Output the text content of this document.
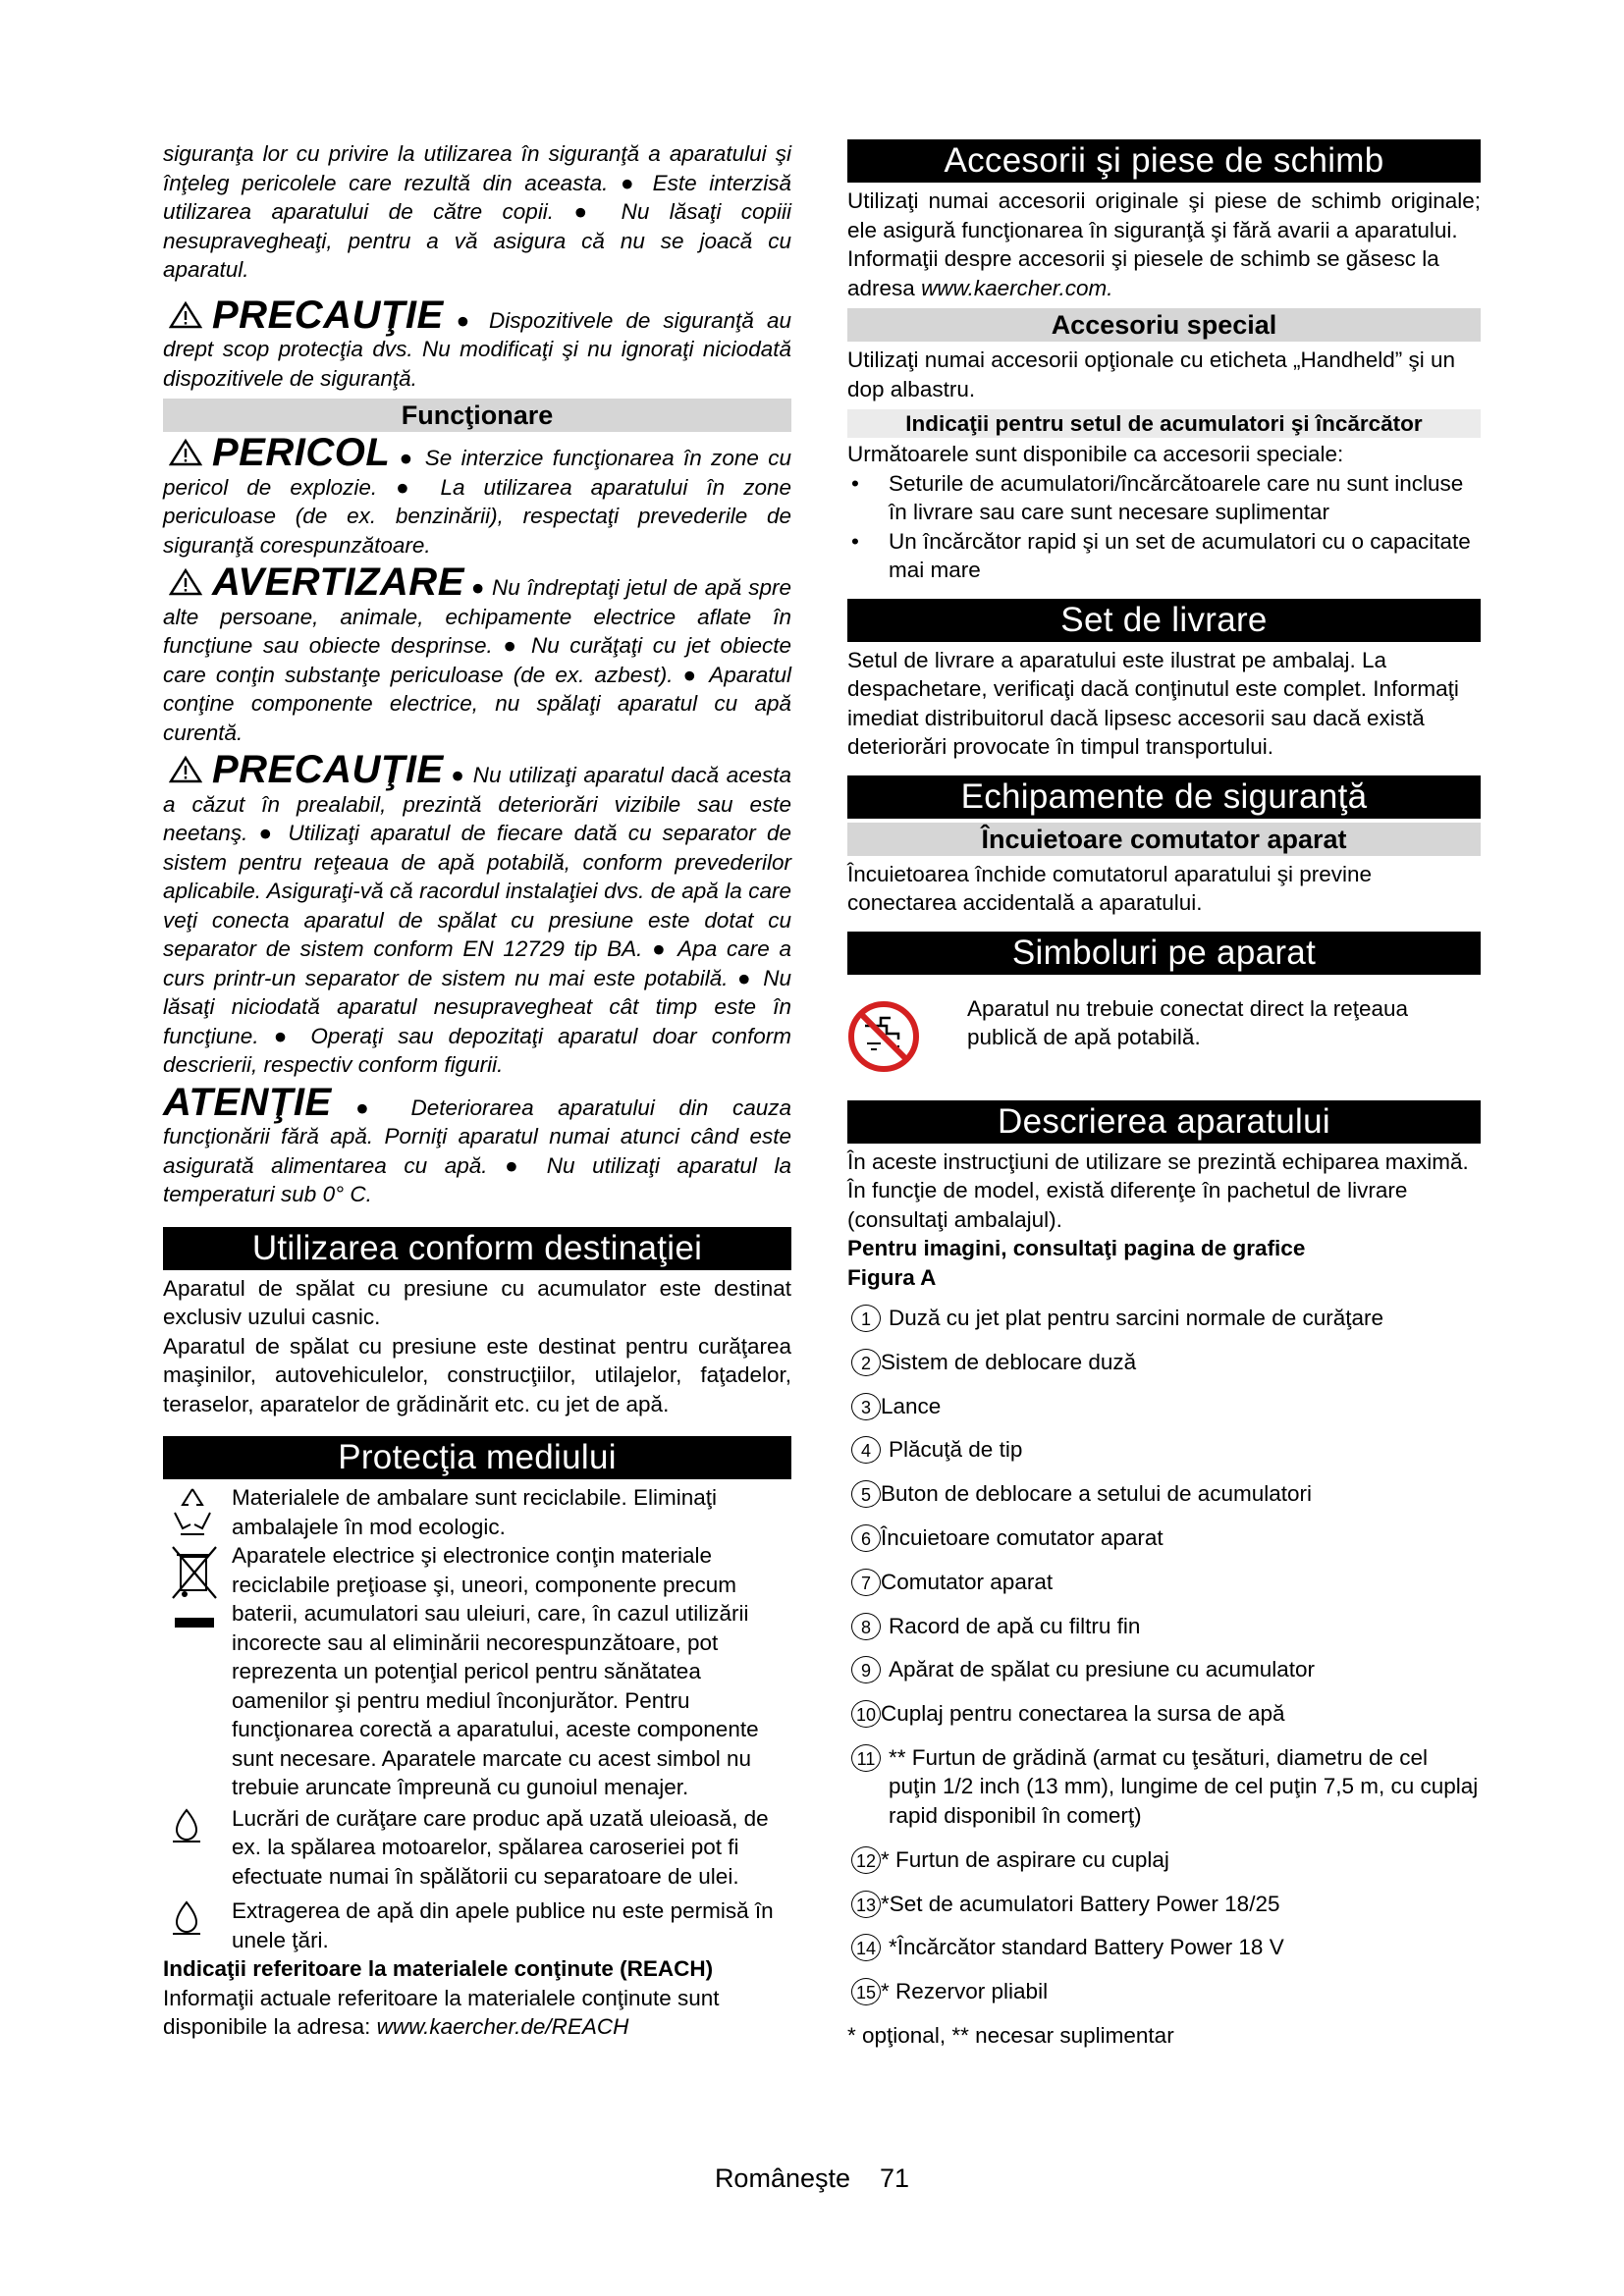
siguranţa lor cu privire la utilizarea în siguranţă a aparatului şi înţeleg pericolele care rezultă din aceasta. ● Este interzisă utilizarea aparatului de către copii. ● Nu lăsaţi copiii nesupravegheaţi, pentru a vă asigura că nu se joacă cu aparatul.

PRECAUŢIE ● Dispozitivele de siguranţă au drept scop protecţia dvs. Nu modificaţi şi nu ignoraţi niciodată dispozitivele de siguranţă.

Funcţionare

PERICOL ● Se interzice funcţionarea în zone cu pericol de explozie. ● La utilizarea aparatului în zone periculoase (de ex. benzinării), respectaţi prevederile de siguranţă corespunzătoare.

AVERTIZARE ● Nu îndreptaţi jetul de apă spre alte persoane, animale, echipamente electrice aflate în funcţiune sau obiecte desprinse. ● Nu curăţaţi cu jet obiecte care conţin substanţe periculoase (de ex. azbest). ● Aparatul conţine componente electrice, nu spălaţi aparatul cu apă curentă.

PRECAUŢIE ● Nu utilizaţi aparatul dacă acesta a căzut în prealabil, prezintă deteriorări vizibile sau este neetanş. ● Utilizaţi aparatul de fiecare dată cu separator de sistem pentru reţeaua de apă potabilă, conform prevederilor aplicabile. Asiguraţi-vă că racordul instalaţiei dvs. de apă la care veţi conecta aparatul de spălat cu presiune este dotat cu separator de sistem conform EN 12729 tip BA. ● Apa care a curs printr-un separator de sistem nu mai este potabilă. ● Nu lăsaţi niciodată aparatul nesupravegheat cât timp este în funcţiune. ● Operaţi sau depozitaţi aparatul doar conform descrierii, respectiv conform figurii.

ATENŢIE ● Deteriorarea aparatului din cauza funcţionării fără apă. Porniţi aparatul numai atunci când este asigurată alimentarea cu apă. ● Nu utilizaţi aparatul la temperaturi sub 0° C.

Utilizarea conform destinaţiei

Aparatul de spălat cu presiune cu acumulator este destinat exclusiv uzului casnic.

Aparatul de spălat cu presiune este destinat pentru curăţarea maşinilor, autovehiculelor, construcţiilor, utilajelor, faţadelor, teraselor, aparatelor de grădinărit etc. cu jet de apă.

Protecţia mediului
Materialele de ambalare sunt reciclabile. Eliminaţi ambalajele în mod ecologic.
Aparatele electrice şi electronice conţin materiale reciclabile preţioase şi, uneori, componente precum baterii, acumulatori sau uleiuri, care, în cazul utilizării incorecte sau al eliminării necorespunzătoare, pot reprezenta un potenţial pericol pentru sănătatea oamenilor şi pentru mediul înconjurător. Pentru funcţionarea corectă a aparatului, aceste componente sunt necesare. Aparatele marcate cu acest simbol nu trebuie aruncate împreună cu gunoiul menajer.
Lucrări de curăţare care produc apă uzată uleioasă, de ex. la spălarea motoarelor, spălarea caroseriei pot fi efectuate numai în spălătorii cu separatoare de ulei.
Extragerea de apă din apele publice nu este permisă în unele ţări.

Indicaţii referitoare la materialele conţinute (REACH)

Informaţii actuale referitoare la materialele conţinute sunt disponibile la adresa: www.kaercher.de/REACH

Accesorii şi piese de schimb

Utilizaţi numai accesorii originale şi piese de schimb originale; ele asigură funcţionarea în siguranţă şi fără avarii a aparatului.

Informaţii despre accesorii şi piesele de schimb se găsesc la adresa www.kaercher.com.

Accesoriu special

Utilizaţi numai accesorii opţionale cu eticheta „Handheld” şi un dop albastru.

Indicaţii pentru setul de acumulatori şi încărcător

Următoarele sunt disponibile ca accesorii speciale:

• Seturile de acumulatori/încărcătoarele care nu sunt incluse în livrare sau care sunt necesare suplimentar
• Un încărcător rapid şi un set de acumulatori cu o capacitate mai mare
Set de livrare

Setul de livrare a aparatului este ilustrat pe ambalaj. La despachetare, verificaţi dacă conţinutul este complet. Informaţi imediat distribuitorul dacă lipsesc accesorii sau dacă există deteriorări provocate în timpul transportului.

Echipamente de siguranţă
Încuietoare comutator aparat

Încuietoarea închide comutatorul aparatului şi previne conectarea accidentală a aparatului.

Simboluri pe aparat

Aparatul nu trebuie conectat direct la reţeaua publică de apă potabilă.

Descrierea aparatului

În aceste instrucţiuni de utilizare se prezintă echiparea maximă. În funcţie de model, există diferenţe în pachetul de livrare (consultaţi ambalajul).

Pentru imagini, consultaţi pagina de grafice

Figura A

1 Duză cu jet plat pentru sarcini normale de curăţare
2 Sistem de deblocare duză
3 Lance
4 Plăcuţă de tip
5 Buton de deblocare a setului de acumulatori
6 Încuietoare comutator aparat
7 Comutator aparat
8 Racord de apă cu filtru fin
9 Apărat de spălat cu presiune cu acumulator
10 Cuplaj pentru conectarea la sursa de apă
11 ** Furtun de grădină (armat cu ţesături, diametru de cel puţin 1/2 inch (13 mm), lungime de cel puţin 7,5 m, cu cuplaj rapid disponibil în comerţ)
12 * Furtun de aspirare cu cuplaj
13 *Set de acumulatori Battery Power 18/25
14 *Încărcător standard Battery Power 18 V
15 * Rezervor pliabil

* opţional, ** necesar suplimentar

Româneşte    71
